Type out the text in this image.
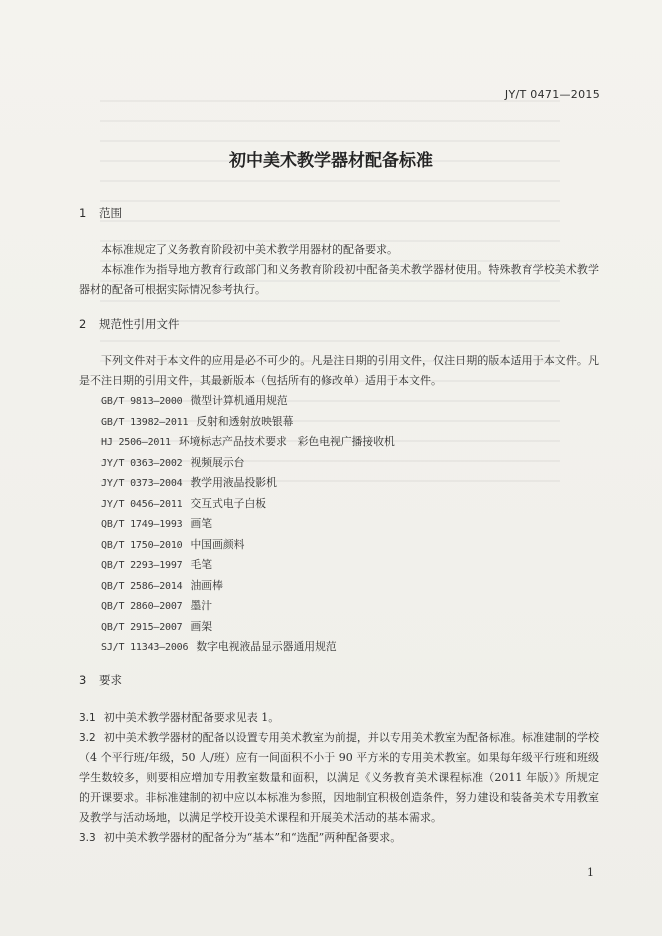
JY/T 0471—2015
初中美术教学器材配备标准
1 范围
本标准规定了义务教育阶段初中美术教学用器材的配备要求。
本标准作为指导地方教育行政部门和义务教育阶段初中配备美术教学器材使用。特殊教育学校美术教学器材的配备可根据实际情况参考执行。
2 规范性引用文件
下列文件对于本文件的应用是必不可少的。凡是注日期的引用文件，仅注日期的版本适用于本文件。凡是不注日期的引用文件，其最新版本（包括所有的修改单）适用于本文件。
GB/T 9813—2000 微型计算机通用规范
GB/T 13982—2011 反射和透射放映银幕
HJ 2506—2011 环境标志产品技术要求　彩色电视广播接收机
JY/T 0363—2002 视频展示台
JY/T 0373—2004 教学用液晶投影机
JY/T 0456—2011 交互式电子白板
QB/T 1749—1993 画笔
QB/T 1750—2010 中国画颜料
QB/T 2293—1997 毛笔
QB/T 2586—2014 油画棒
QB/T 2860—2007 墨汁
QB/T 2915—2007 画架
SJ/T 11343—2006 数字电视液晶显示器通用规范
3 要求
3.1 初中美术教学器材配备要求见表 1。
3.2 初中美术教学器材的配备以设置专用美术教室为前提，并以专用美术教室为配备标准。标准建制的学校（4 个平行班/年级，50 人/班）应有一间面积不小于 90 平方米的专用美术教室。如果每年级平行班和班级学生数较多，则要相应增加专用教室数量和面积，以满足《义务教育美术课程标准（2011 年版）》所规定的开课要求。非标准建制的初中应以本标准为参照，因地制宜积极创造条件，努力建设和装备美术专用教室及教学与活动场地，以满足学校开设美术课程和开展美术活动的基本需求。
3.3 初中美术教学器材的配备分为“基本”和“选配”两种配备要求。
1
